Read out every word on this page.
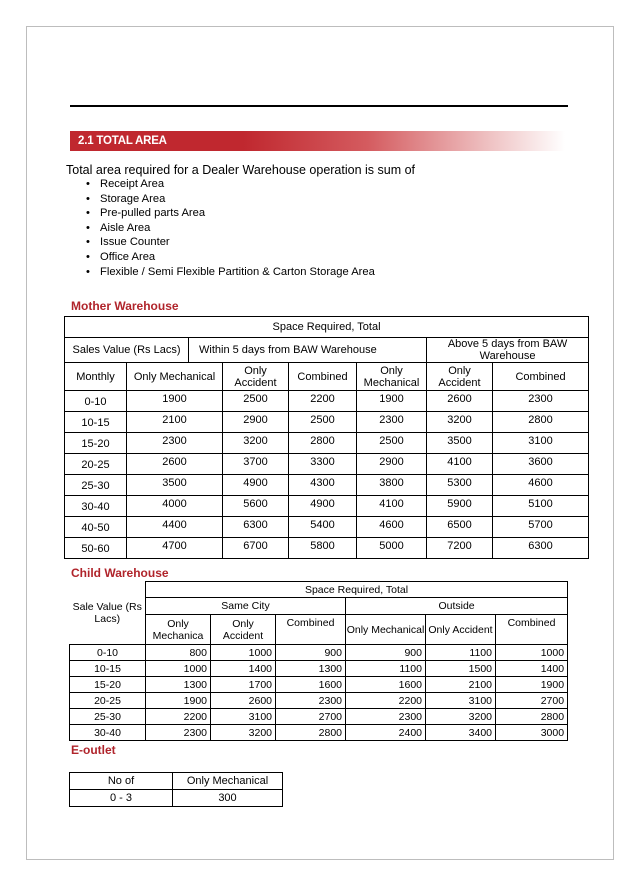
2.1 TOTAL AREA
Total area required for a Dealer Warehouse operation is sum of
• Receipt Area
• Storage Area
• Pre-pulled parts Area
• Aisle Area
• Issue Counter
• Office Area
• Flexible / Semi Flexible Partition & Carton Storage Area
Mother Warehouse
Space Required, Total							
Sales Value (Rs Lacs)		Within 5 days from BAW Warehouse				Above 5 days from BAW Warehouse	
Monthly	Only Mechanical		Only Accident	Combined	Only Mechanical	Only Accident	Combined
0-10	1900		2500	2200	1900	2600	2300
10-15	2100		2900	2500	2300	3200	2800
15-20	2300		3200	2800	2500	3500	3100
20-25	2600		3700	3300	2900	4100	3600
25-30	3500		4900	4300	3800	5300	4600
30-40	4000		5600	4900	4100	5900	5100
40-50	4400		6300	5400	4600	6500	5700
50-60	4700		6700	5800	5000	7200	6300
Child Warehouse
Sale Value (Rs Lacs)	Space Required, Total					
	Same City			Outside		
	Only Mechanica	Only Accident	Combined	Only Mechanical	Only Accident	Combined
0-10	800	1000	900	900	1100	1000
10-15	1000	1400	1300	1100	1500	1400
15-20	1300	1700	1600	1600	2100	1900
20-25	1900	2600	2300	2200	3100	2700
25-30	2200	3100	2700	2300	3200	2800
30-40	2300	3200	2800	2400	3400	3000
E-outlet
No of	Only Mechanical
0 - 3	300
